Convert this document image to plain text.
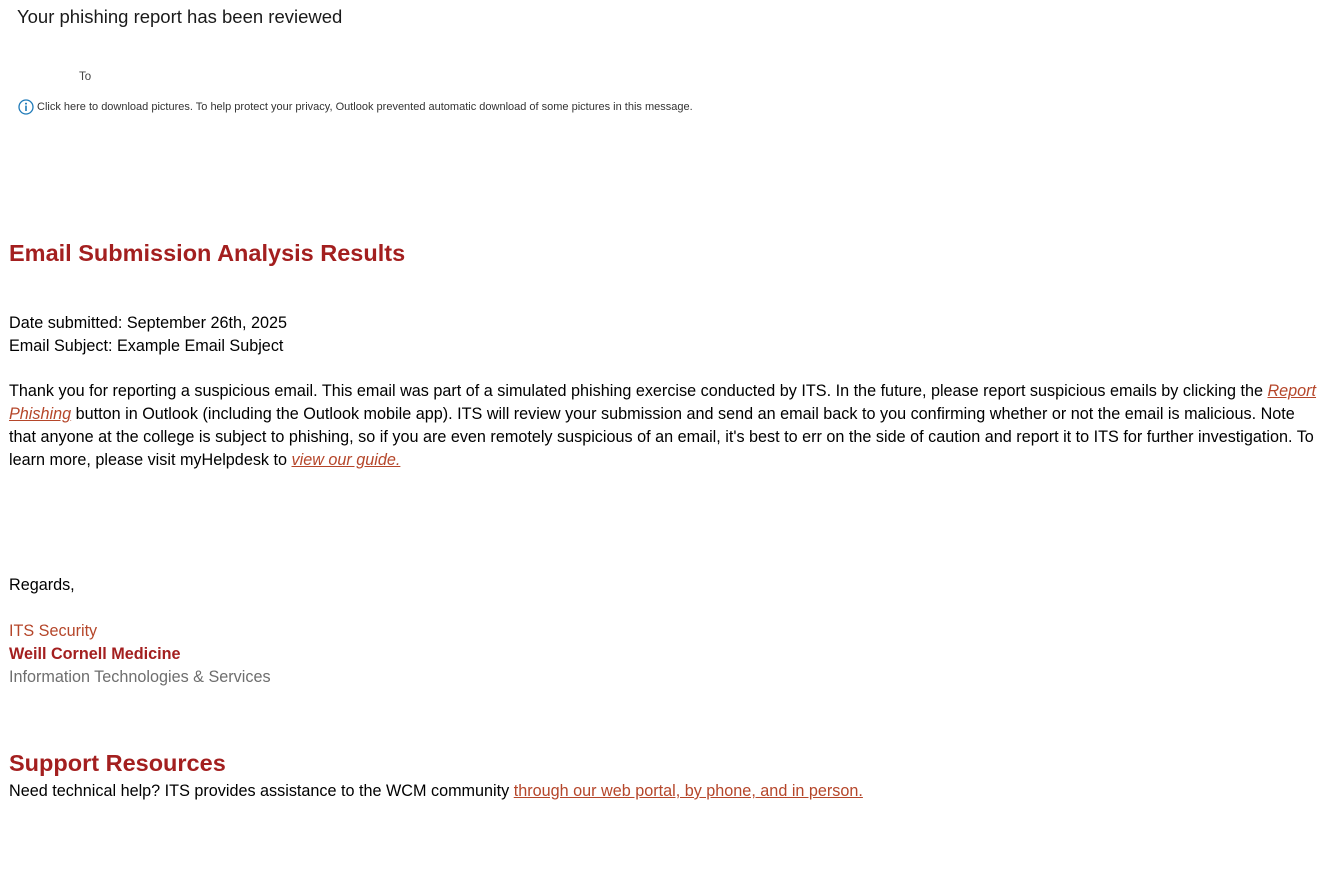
Your phishing report has been reviewed
To
Click here to download pictures. To help protect your privacy, Outlook prevented automatic download of some pictures in this message.
Email Submission Analysis Results
Date submitted: September 26th, 2025
Email Subject: Example Email Subject

Thank you for reporting a suspicious email. This email was part of a simulated phishing exercise conducted by ITS. In the future, please report suspicious emails by clicking the Report Phishing button in Outlook (including the Outlook mobile app). ITS will review your submission and send an email back to you confirming whether or not the email is malicious. Note that anyone at the college is subject to phishing, so if you are even remotely suspicious of an email, it's best to err on the side of caution and report it to ITS for further investigation. To learn more, please visit myHelpdesk to view our guide.

Regards,
ITS Security
Weill Cornell Medicine
Information Technologies & Services
Support Resources
Need technical help? ITS provides assistance to the WCM community through our web portal, by phone, and in person.
